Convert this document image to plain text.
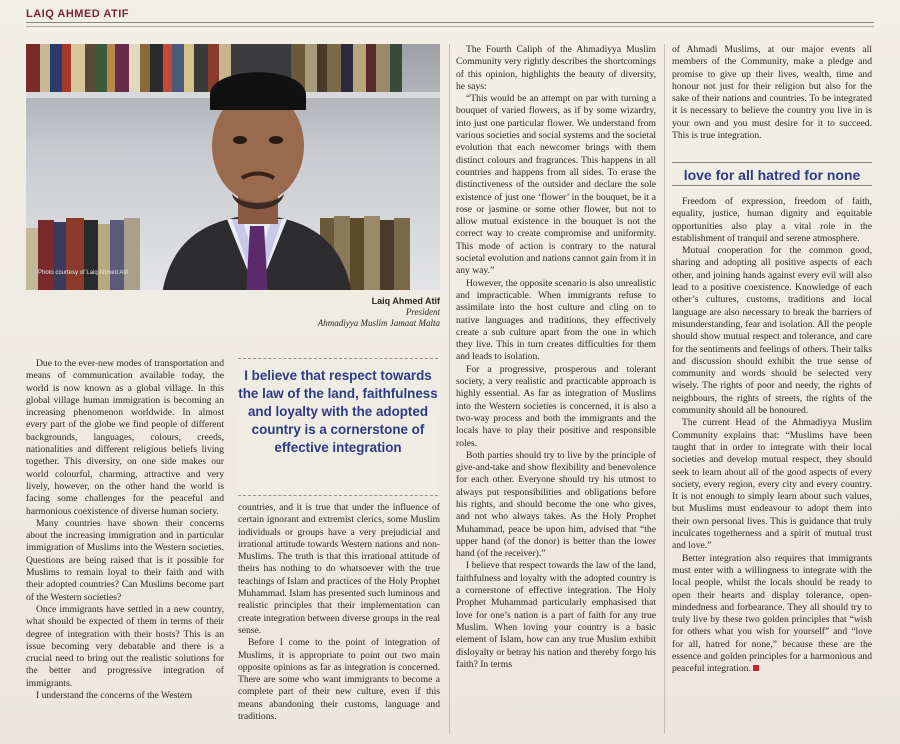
LAIQ AHMED ATIF
Photo courtesy of Laiq Ahmed Atif
Laiq Ahmed Atif
President
Ahmadiyya Muslim Jamaat Malta

Due to the ever-new modes of transportation and means of communication available today, the world is now known as a global village. In this global village human immigration is becoming an increasing phenomenon worldwide. In almost every part of the globe we find people of different backgrounds, languages, colours, creeds, nationalities and different religious beliefs living together. This diversity, on one side makes our world colourful, charming, attractive and very lively, however, on the other hand the world is facing some challenges for the peaceful and harmonious coexistence of diverse human society.

Many countries have shown their concerns about the increasing immigration and in particular immigration of Muslims into the Western societies. Questions are being raised that is it possible for Muslims to remain loyal to their faith and with their adopted countries? Can Muslims become part of the Western societies?

Once immigrants have settled in a new country, what should be expected of them in terms of their degree of integration with their hosts? This is an issue becoming very debatable and there is a crucial need to bring out the realistic solutions for the better and progressive integration of immigrants.

I understand the concerns of the Western

I believe that respect towards the law of the land, faithfulness and loyalty with the adopted country is a cornerstone of effective integration

countries, and it is true that under the influence of certain ignorant and extremist clerics, some Muslim individuals or groups have a very prejudicial and irrational attitude towards Western nations and non-Muslims. The truth is that this irrational attitude of theirs has nothing to do whatsoever with the true teachings of Islam and practices of the Holy Prophet Muhammad. Islam has presented such luminous and realistic principles that their implementation can create integration between diverse groups in the real sense.

Before I come to the point of integration of Muslims, it is appropriate to point out two main opposite opinions as far as integration is concerned. There are some who want immigrants to become a complete part of their new culture, even if this means abandoning their customs, language and traditions.

The Fourth Caliph of the Ahmadiyya Muslim Community very rightly describes the shortcomings of this opinion, highlights the beauty of diversity, he says:

“This would be an attempt on par with turning a bouquet of varied flowers, as if by some wizardry, into just one particular flower. We understand from various societies and social systems and the societal evolution that each newcomer brings with them distinct colours and fragrances. This happens in all countries and happens from all sides. To erase the distinctiveness of the outsider and declare the sole existence of just one ‘flower’ in the bouquet, be it a rose or jasmine or some other flower, but not to allow mutual existence in the bouquet is not the correct way to create compromise and uniformity. This mode of action is contrary to the natural societal evolution and nations cannot gain from it in any way.”

However, the opposite scenario is also unrealistic and impracticable. When immigrants refuse to assimilate into the host culture and cling on to native languages and traditions, they effectively create a sub culture apart from the one in which they live. This in turn creates difficulties for them and leads to isolation.

For a progressive, prosperous and tolerant society, a very realistic and practicable approach is highly essential. As far as integration of Muslims into the Western societies is concerned, it is also a two-way process and both the immigrants and the locals have to play their positive and responsible roles.

Both parties should try to live by the principle of give-and-take and show flexibility and benevolence for each other. Everyone should try his utmost to always put responsibilities and obligations before his rights, and should become the one who gives, and not who always takes. As the Holy Prophet Muhammad, peace be upon him, advised that “the upper hand (of the donor) is better than the lower hand (of the receiver).”

I believe that respect towards the law of the land, faithfulness and loyalty with the adopted country is a cornerstone of effective integration. The Holy Prophet Muhammad particularly emphasised that love for one’s nation is a part of faith for any true Muslim. When loving your country is a basic element of Islam, how can any true Muslim exhibit disloyalty or betray his nation and thereby forgo his faith? In terms

of Ahmadi Muslims, at our major events all members of the Community, make a pledge and promise to give up their lives, wealth, time and honour not just for their religion but also for the sake of their nations and countries. To be integrated it is necessary to believe the country you live in is your own and you must desire for it to succeed. This is true integration.

love for all hatred for none

Freedom of expression, freedom of faith, equality, justice, human dignity and equitable opportunities also play a vital role in the establishment of tranquil and serene atmosphere.

Mutual cooperation for the common good, sharing and adopting all positive aspects of each other, and joining hands against every evil will also lead to a positive coexistence. Knowledge of each other’s cultures, customs, traditions and local language are also necessary to break the barriers of misunderstanding, fear and isolation. All the people should show mutual respect and tolerance, and care for the sentiments and feelings of others. Their talks and discussion should exhibit the true sense of community and words should be selected very wisely. The rights of poor and needy, the rights of neighbours, the rights of streets, the rights of the community should all be honoured.

The current Head of the Ahmadiyya Muslim Community explains that: “Muslims have been taught that in order to integrate with their local societies and develop mutual respect, they should seek to learn about all of the good aspects of every society, every region, every city and every country. It is not enough to simply learn about such values, but Muslims must endeavour to adopt them into their own personal lives. This is guidance that truly inculcates togetherness and a spirit of mutual trust and love.”

Better integration also requires that immigrants must enter with a willingness to integrate with the local people, whilst the locals should be ready to open their hearts and display tolerance, open-mindedness and forbearance. They all should try to truly live by these two golden principles that “wish for others what you wish for yourself” and “love for all, hatred for none,” because these are the essence and golden principles for a harmonious and peaceful integration.
